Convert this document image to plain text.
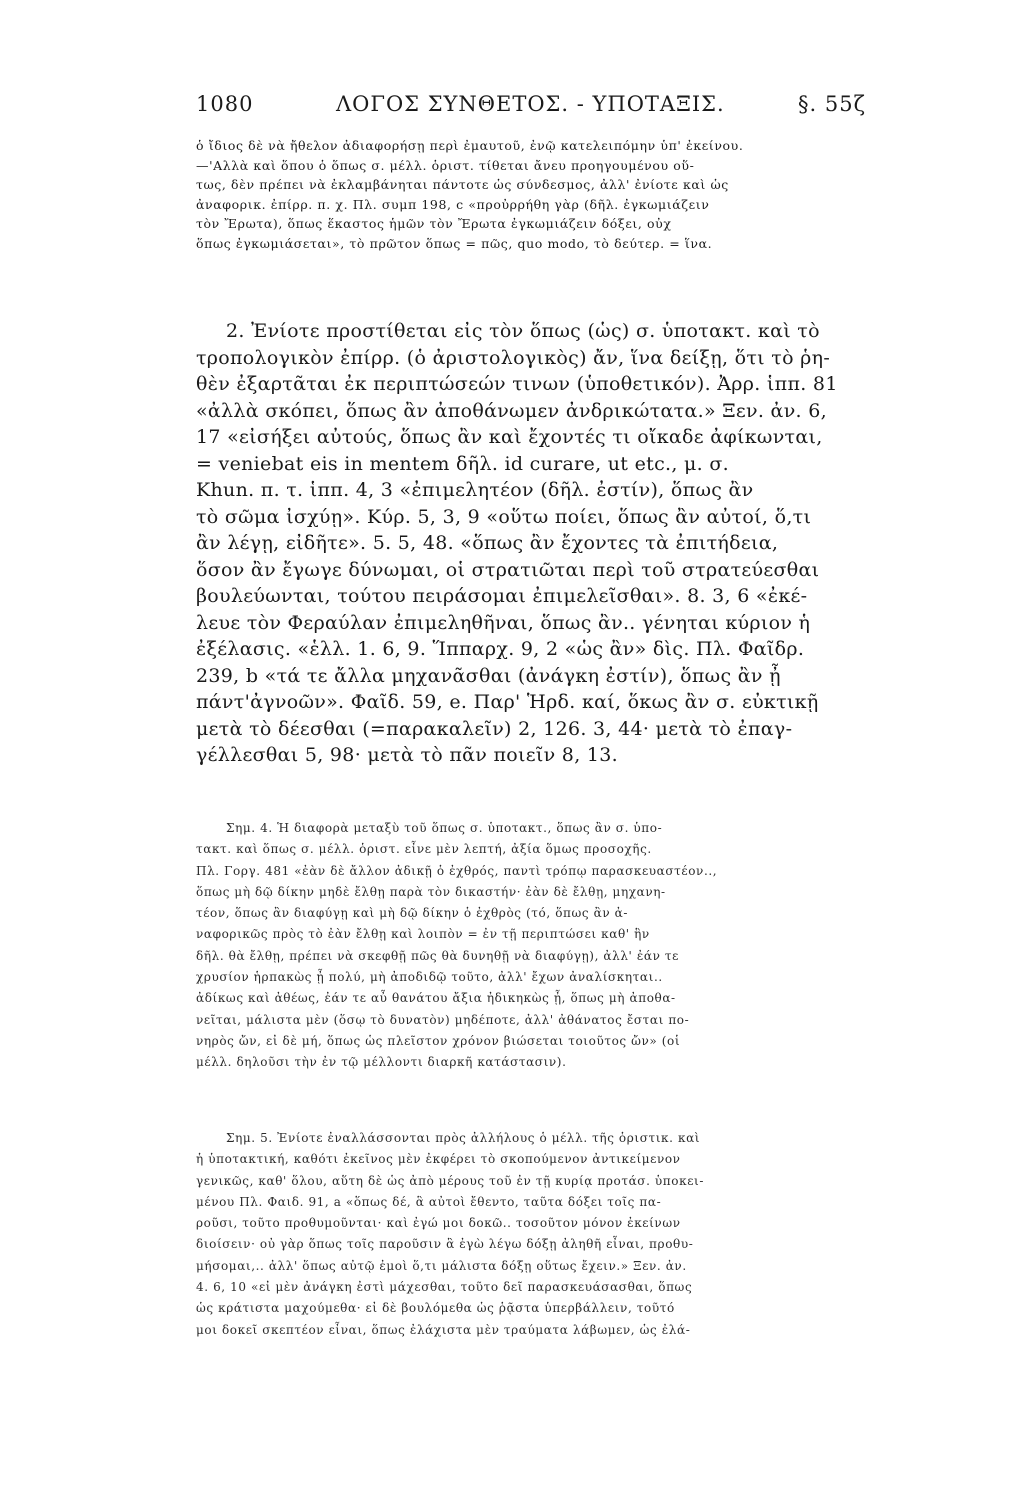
1080	ΛΟΓΟΣ ΣΥΝΘΕΤΟΣ. - ΥΠΟΤΑΞΙΣ.	§. 55ζ
ὁ ἴδιος δὲ νὰ ἤθελον ἀδιαφορήσῃ περὶ ἐμαυτοῦ, ἐνῷ κατελειπόμην ὑπ' ἐκείνου.
—'Αλλὰ καὶ ὅπου ὁ ὅπως σ. μέλλ. ὁριστ. τίθεται ἄνευ προηγουμένου οὕ-
τως, δὲν πρέπει νὰ ἐκλαμβάνηται πάντοτε ὡς σύνδεσμος, ἀλλ' ἐνίοτε καὶ ὡς
ἀναφορικ. ἐπίρρ. π. χ. Πλ. συμπ 198, c «προὐρρήθη γὰρ (δῆλ. ἐγκωμιάζειν
τὸν Ἔρωτα), ὅπως ἕκαστος ἡμῶν τὸν Ἔρωτα ἐγκωμιάζειν δόξει, οὐχ
ὅπως ἐγκωμιάσεται», τὸ πρῶτον ὅπως = πῶς, quo modo, τὸ δεύτερ. = ἵνα.
2. Ἐνίοτε προστίθεται εἰς τὸν ὅπως (ὡς) σ. ὑποτακτ. καὶ τὸ
τροπολογικὸν ἐπίρρ. (ὁ ἀριστολογικὸς) ἄν, ἵνα δείξῃ, ὅτι τὸ ῥη-
θὲν ἐξαρτᾶται ἐκ περιπτώσεών τινων (ὑποθετικόν). Ἀρρ. ἱππ. 81
«ἀλλὰ σκόπει, ὅπως ἂν ἀποθάνωμεν ἀνδρικώτατα.» Ξεν. ἀν. 6,
17 «εἰσήξει αὐτούς, ὅπως ἂν καὶ ἔχοντές τι οἴκαδε ἀφίκωνται,
= veniebat eis in mentem δῆλ. id curare, ut etc., μ. σ.
Khun. π. τ. ἱππ. 4, 3 «ἐπιμελητέον (δῆλ. ἐστίν), ὅπως ἂν
τὸ σῶμα ἰσχύῃ». Κύρ. 5, 3, 9 «οὕτω ποίει, ὅπως ἂν αὐτοί, ὅ,τι
ἂν λέγῃ, εἰδῆτε». 5. 5, 48. «ὅπως ἂν ἔχοντες τὰ ἐπιτήδεια,
ὅσον ἂν ἔγωγε δύνωμαι, οἱ στρατιῶται περὶ τοῦ στρατεύεσθαι
βουλεύωνται, τούτου πειράσομαι ἐπιμελεῖσθαι». 8. 3, 6 «ἐκέ-
λευε τὸν Φεραύλαν ἐπιμεληθῆναι, ὅπως ἂν.. γένηται κύριον ἡ
ἐξέλασις. «ἑλλ. 1. 6, 9. Ἵππαρχ. 9, 2 «ὡς ἂν» δὶς. Πλ. Φαῖδρ.
239, b «τά τε ἄλλα μηχανᾶσθαι (ἀνάγκη ἐστίν), ὅπως ἂν ᾖ
πάντ'ἀγνοῶν». Φαῖδ. 59, e. Παρ' Ἡρδ. καί, ὅκως ἂν σ. εὐκτικῇ
μετὰ τὸ δέεσθαι (=παρακαλεῖν) 2, 126. 3, 44· μετὰ τὸ ἐπαγ-
γέλλεσθαι 5, 98· μετὰ τὸ πᾶν ποιεῖν 8, 13.
Σημ. 4. Ἡ διαφορὰ μεταξὺ τοῦ ὅπως σ. ὑποτακτ., ὅπως ἂν σ. ὑπο-
τακτ. καὶ ὅπως σ. μέλλ. ὁριστ. εἶνε μὲν λεπτή, ἀξία ὅμως προσοχῆς.
Πλ. Γοργ. 481 «ἐὰν δὲ ἄλλον ἀδικῇ ὁ ἐχθρός, παντὶ τρόπῳ παρασκευαστέον..,
ὅπως μὴ δῷ δίκην μηδὲ ἔλθῃ παρὰ τὸν δικαστήν· ἐὰν δὲ ἔλθῃ, μηχανη-
τέον, ὅπως ἂν διαφύγῃ καὶ μὴ δῷ δίκην ὁ ἐχθρὸς (τό, ὅπως ἂν ἀ-
ναφορικῶς πρὸς τὸ ἐὰν ἔλθῃ καὶ λοιπὸν = ἐν τῇ περιπτώσει καθ' ἣν
δῆλ. θὰ ἔλθῃ, πρέπει νὰ σκεφθῇ πῶς θὰ δυνηθῇ νὰ διαφύγῃ), ἀλλ' ἐάν τε
χρυσίον ἡρπακὼς ᾖ πολύ, μὴ ἀποδιδῷ τοῦτο, ἀλλ' ἔχων ἀναλίσκηται..
ἀδίκως καὶ ἀθέως, ἐάν τε αὖ θανάτου ἄξια ἠδικηκὼς ᾖ, ὅπως μὴ ἀποθα-
νεῖται, μάλιστα μὲν (ὅσῳ τὸ δυνατὸν) μηδέποτε, ἀλλ' ἀθάνατος ἔσται πο-
νηρὸς ὤν, εἰ δὲ μή, ὅπως ὡς πλεῖστον χρόνον βιώσεται τοιοῦτος ὤν» (οἱ
μέλλ. δηλοῦσι τὴν ἐν τῷ μέλλοντι διαρκῆ κατάστασιν).
Σημ. 5. Ἐνίοτε ἐναλλάσσονται πρὸς ἀλλήλους ὁ μέλλ. τῆς ὁριστικ. καὶ
ἡ ὑποτακτική, καθότι ἐκεῖνος μὲν ἐκφέρει τὸ σκοπούμενον ἀντικείμενον
γενικῶς, καθ' ὅλου, αὕτη δὲ ὡς ἀπὸ μέρους τοῦ ἐν τῇ κυρίᾳ προτάσ. ὑποκει-
μένου Πλ. Φαιδ. 91, a «ὅπως δέ, ἃ αὐτοὶ ἔθεντο, ταῦτα δόξει τοῖς πα-
ροῦσι, τοῦτο προθυμοῦνται· καὶ ἐγώ μοι δοκῶ.. τοσοῦτον μόνον ἐκείνων
διοίσειν· οὐ γὰρ ὅπως τοῖς παροῦσιν ἃ ἐγὼ λέγω δόξῃ ἀληθῆ εἶναι, προθυ-
μήσομαι,.. ἀλλ' ὅπως αὐτῷ ἐμοὶ ὅ,τι μάλιστα δόξῃ οὕτως ἔχειν.» Ξεν. ἀν.
4. 6, 10 «εἰ μὲν ἀνάγκη ἐστὶ μάχεσθαι, τοῦτο δεῖ παρασκευάσασθαι, ὅπως
ὡς κράτιστα μαχούμεθα· εἰ δὲ βουλόμεθα ὡς ῥᾷστα ὑπερβάλλειν, τοῦτό
μοι δοκεῖ σκεπτέον εἶναι, ὅπως ἐλάχιστα μὲν τραύματα λάβωμεν, ὡς ἐλά-
